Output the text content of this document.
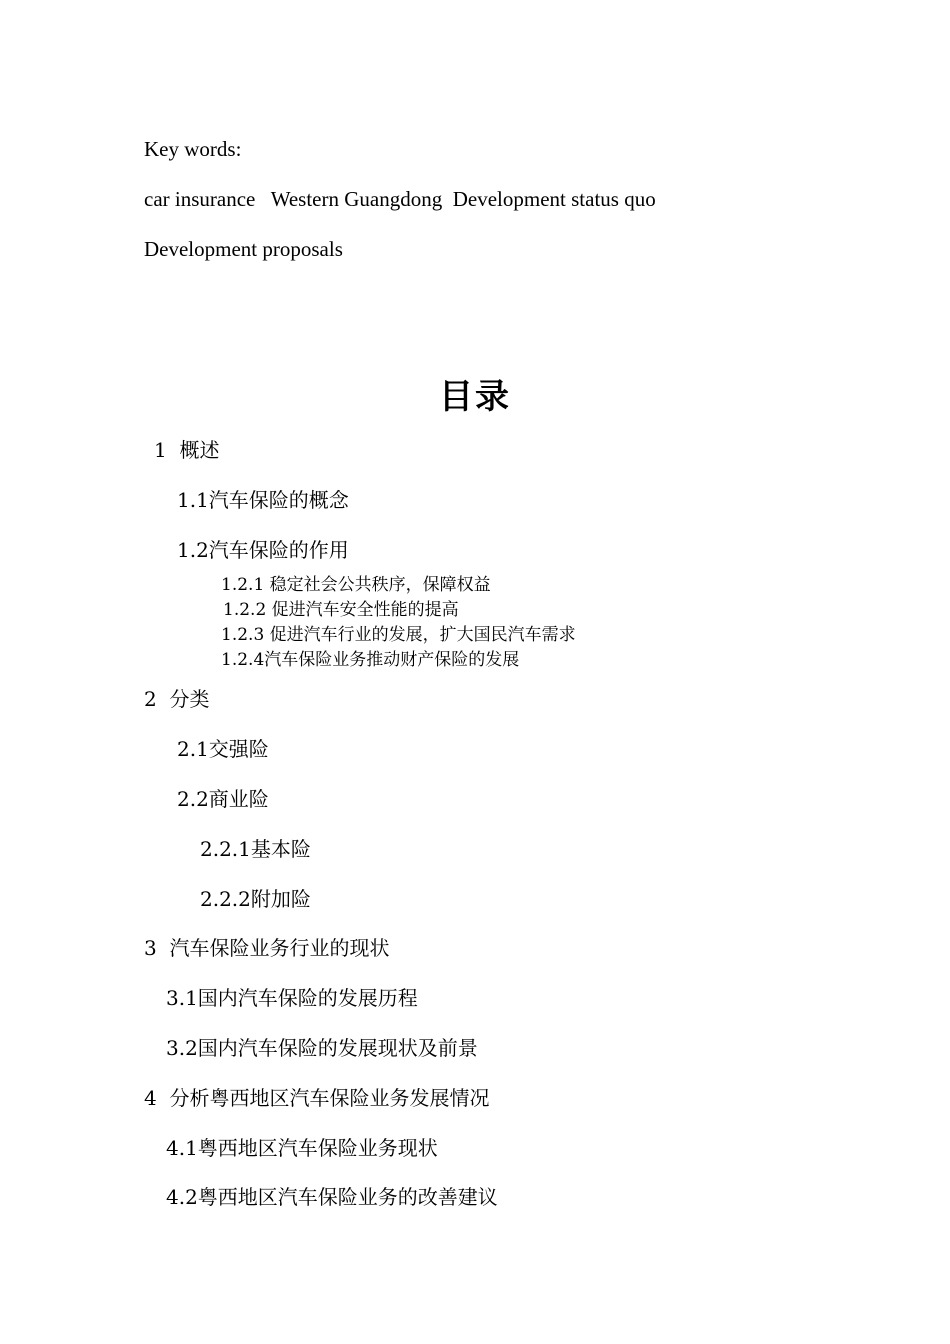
Key words:
car insurance   Western Guangdong  Development status quo
Development proposals
目录
1  概述
1.1汽车保险的概念
1.2汽车保险的作用
1.2.1 稳定社会公共秩序，保障权益
1.2.2 促进汽车安全性能的提高
1.2.3 促进汽车行业的发展，扩大国民汽车需求
1.2.4汽车保险业务推动财产保险的发展
2  分类
2.1交强险
2.2商业险
2.2.1基本险
2.2.2附加险
3  汽车保险业务行业的现状
3.1国内汽车保险的发展历程
3.2国内汽车保险的发展现状及前景
4  分析粤西地区汽车保险业务发展情况
4.1粤西地区汽车保险业务现状
4.2粤西地区汽车保险业务的改善建议
